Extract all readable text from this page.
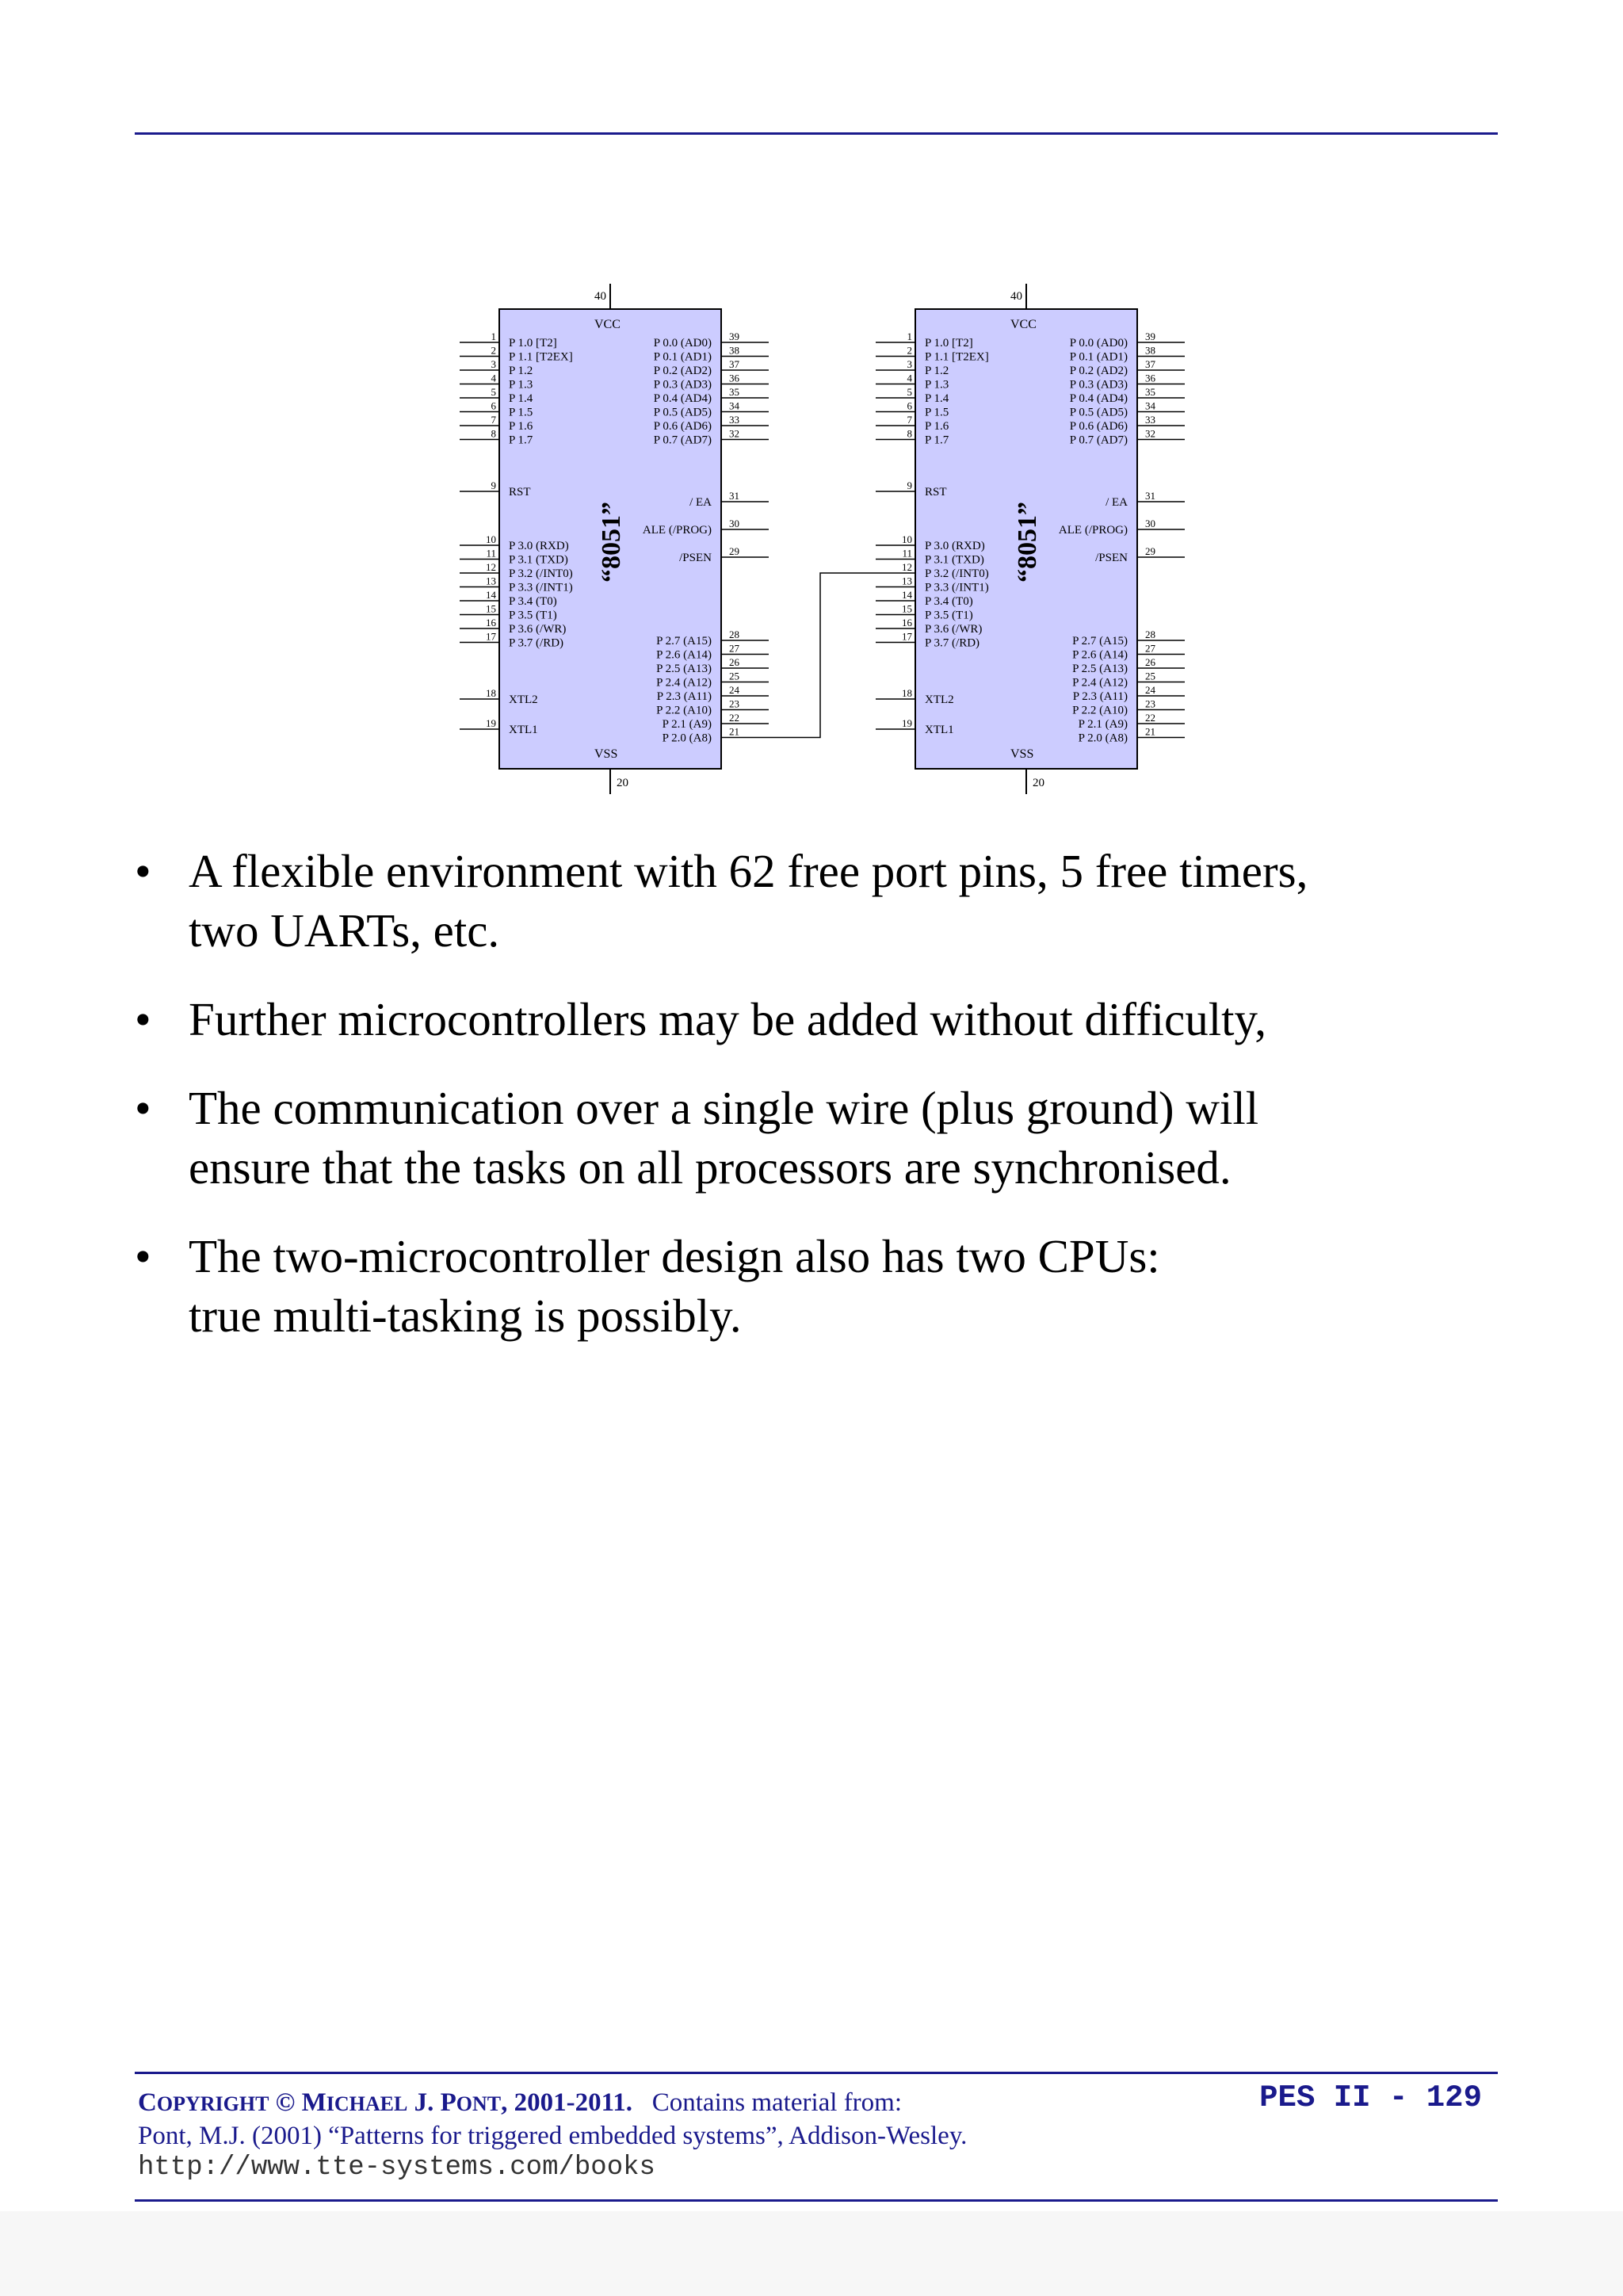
40
VCC
20
VSS
“8051”
1
P 1.0 [T2]
2
P 1.1 [T2EX]
3
P 1.2
4
P 1.3
5
P 1.4
6
P 1.5
7
P 1.6
8
P 1.7
9
RST
10
P 3.0 (RXD)
11
P 3.1 (TXD)
12
P 3.2 (/INT0)
13
P 3.3 (/INT1)
14
P 3.4 (T0)
15
P 3.5 (T1)
16
P 3.6 (/WR)
17
P 3.7 (/RD)
18
XTL2
19
XTL1
39
P 0.0 (AD0)
38
P 0.1 (AD1)
37
P 0.2 (AD2)
36
P 0.3 (AD3)
35
P 0.4 (AD4)
34
P 0.5 (AD5)
33
P 0.6 (AD6)
32
P 0.7 (AD7)
31
/ EA
30
ALE (/PROG)
29
/PSEN
28
P 2.7 (A15)
27
P 2.6 (A14)
26
P 2.5 (A13)
25
P 2.4 (A12)
24
P 2.3 (A11)
23
P 2.2 (A10)
22
P 2.1 (A9)
21
P 2.0 (A8)
40
VCC
20
VSS
“8051”
1
P 1.0 [T2]
2
P 1.1 [T2EX]
3
P 1.2
4
P 1.3
5
P 1.4
6
P 1.5
7
P 1.6
8
P 1.7
9
RST
10
P 3.0 (RXD)
11
P 3.1 (TXD)
12
P 3.2 (/INT0)
13
P 3.3 (/INT1)
14
P 3.4 (T0)
15
P 3.5 (T1)
16
P 3.6 (/WR)
17
P 3.7 (/RD)
18
XTL2
19
XTL1
39
P 0.0 (AD0)
38
P 0.1 (AD1)
37
P 0.2 (AD2)
36
P 0.3 (AD3)
35
P 0.4 (AD4)
34
P 0.5 (AD5)
33
P 0.6 (AD6)
32
P 0.7 (AD7)
31
/ EA
30
ALE (/PROG)
29
/PSEN
28
P 2.7 (A15)
27
P 2.6 (A14)
26
P 2.5 (A13)
25
P 2.4 (A12)
24
P 2.3 (A11)
23
P 2.2 (A10)
22
P 2.1 (A9)
21
P 2.0 (A8)
• A flexible environment with 62 free port pins, 5 free timers,
two UARTs, etc.
• Further microcontrollers may be added without difficulty,
• The communication over a single wire (plus ground) will
ensure that the tasks on all processors are synchronised.
• The two-microcontroller design also has two CPUs:
true multi-tasking is possibly.
COPYRIGHT © MICHAEL J. PONT, 2001-2011. Contains material from:
Pont, M.J. (2001) “Patterns for triggered embedded systems”, Addison-Wesley.
http://www.tte-systems.com/books
PES II - 129
